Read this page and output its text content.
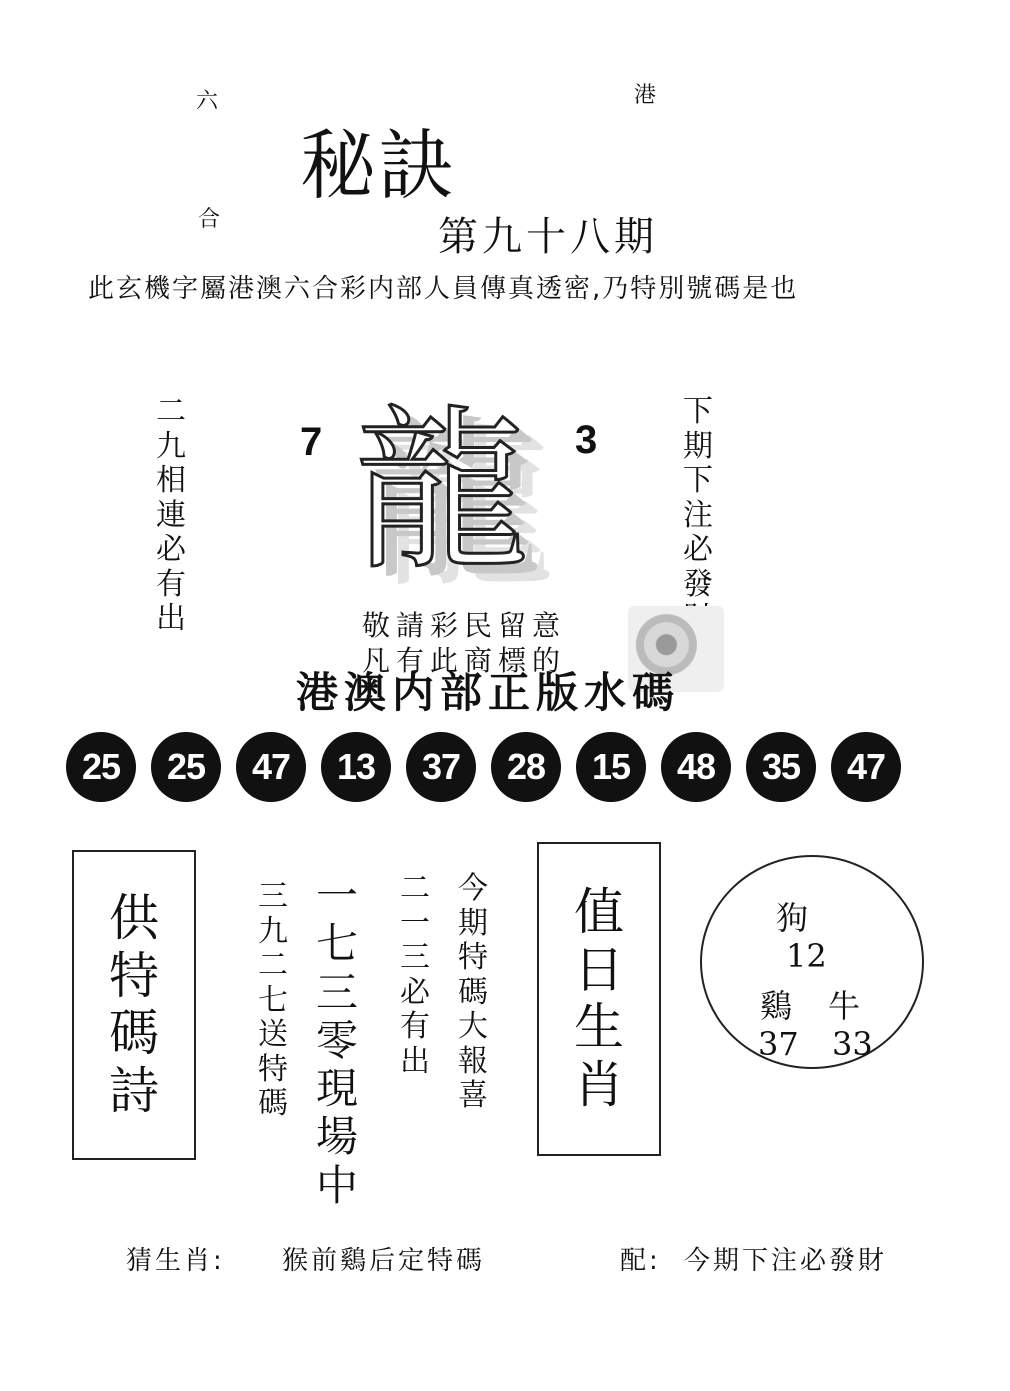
六	港
合
秘訣
第九十八期
此玄機字屬港澳六合彩内部人員傳真透密,乃特別號碼是也
二
九
相
連
必
有
出
下
期
下
注
必
發
7	3
龍
敬請彩民留意
凡有此商標的
港澳内部正版水碼
25	25	47	13	37	28	15	48	35	47
供
特
碼
詩
三
九
二
七
送
特
碼
一
七
三
零
現
場
中
二
一
三
必
有
出
今
期
特
碼
大
報
喜
值
日
生
肖
狗
12
鷄 牛
37 33
猜生肖: 猴前鷄后定特碼	配: 今期下注必發財
